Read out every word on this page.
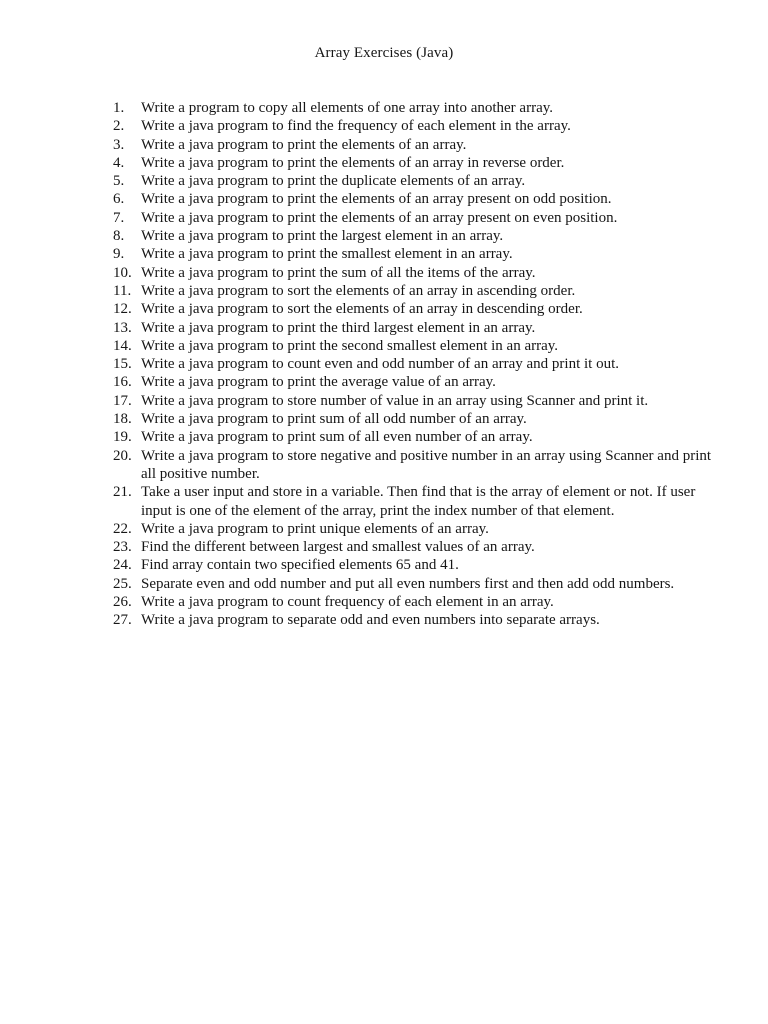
Array Exercises (Java)
1.	Write a program to copy all elements of one array into another array.
2.	Write a java program to find the frequency of each element in the array.
3.	Write a java program to print the elements of an array.
4.	Write a java program to print the elements of an array in reverse order.
5.	Write a java program to print the duplicate elements of an array.
6.	Write a java program to print the elements of an array present on odd position.
7.	Write a java program to print the elements of an array present on even position.
8.	Write a java program to print the largest element in an array.
9.	Write a java program to print the smallest element in an array.
10. Write a java program to print the sum of all the items of the array.
11. Write a java program to sort the elements of an array in ascending order.
12. Write a java program to sort the elements of an array in descending order.
13. Write a java program to print the third largest element in an array.
14. Write a java program to print the second smallest element in an array.
15. Write a java program to count even and odd number of an array and print it out.
16. Write a java program to print the average value of an array.
17. Write a java program to store number of value in an array using Scanner and print it.
18. Write a java program to print sum of all odd number of an array.
19. Write a java program to print sum of all even number of an array.
20. Write a java program to store negative and positive number in an array using Scanner and print all positive number.
21. Take a user input and store in a variable. Then find that is the array of element or not. If user input is one of the element of the array, print the index number of that element.
22. Write a java program to print unique elements of an array.
23. Find the different between largest and smallest values of an array.
24. Find array contain two specified elements 65 and 41.
25. Separate even and odd number and put all even numbers first and then add odd numbers.
26. Write a java program to count frequency of each element in an array.
27. Write a java program to separate odd and even numbers into separate arrays.
